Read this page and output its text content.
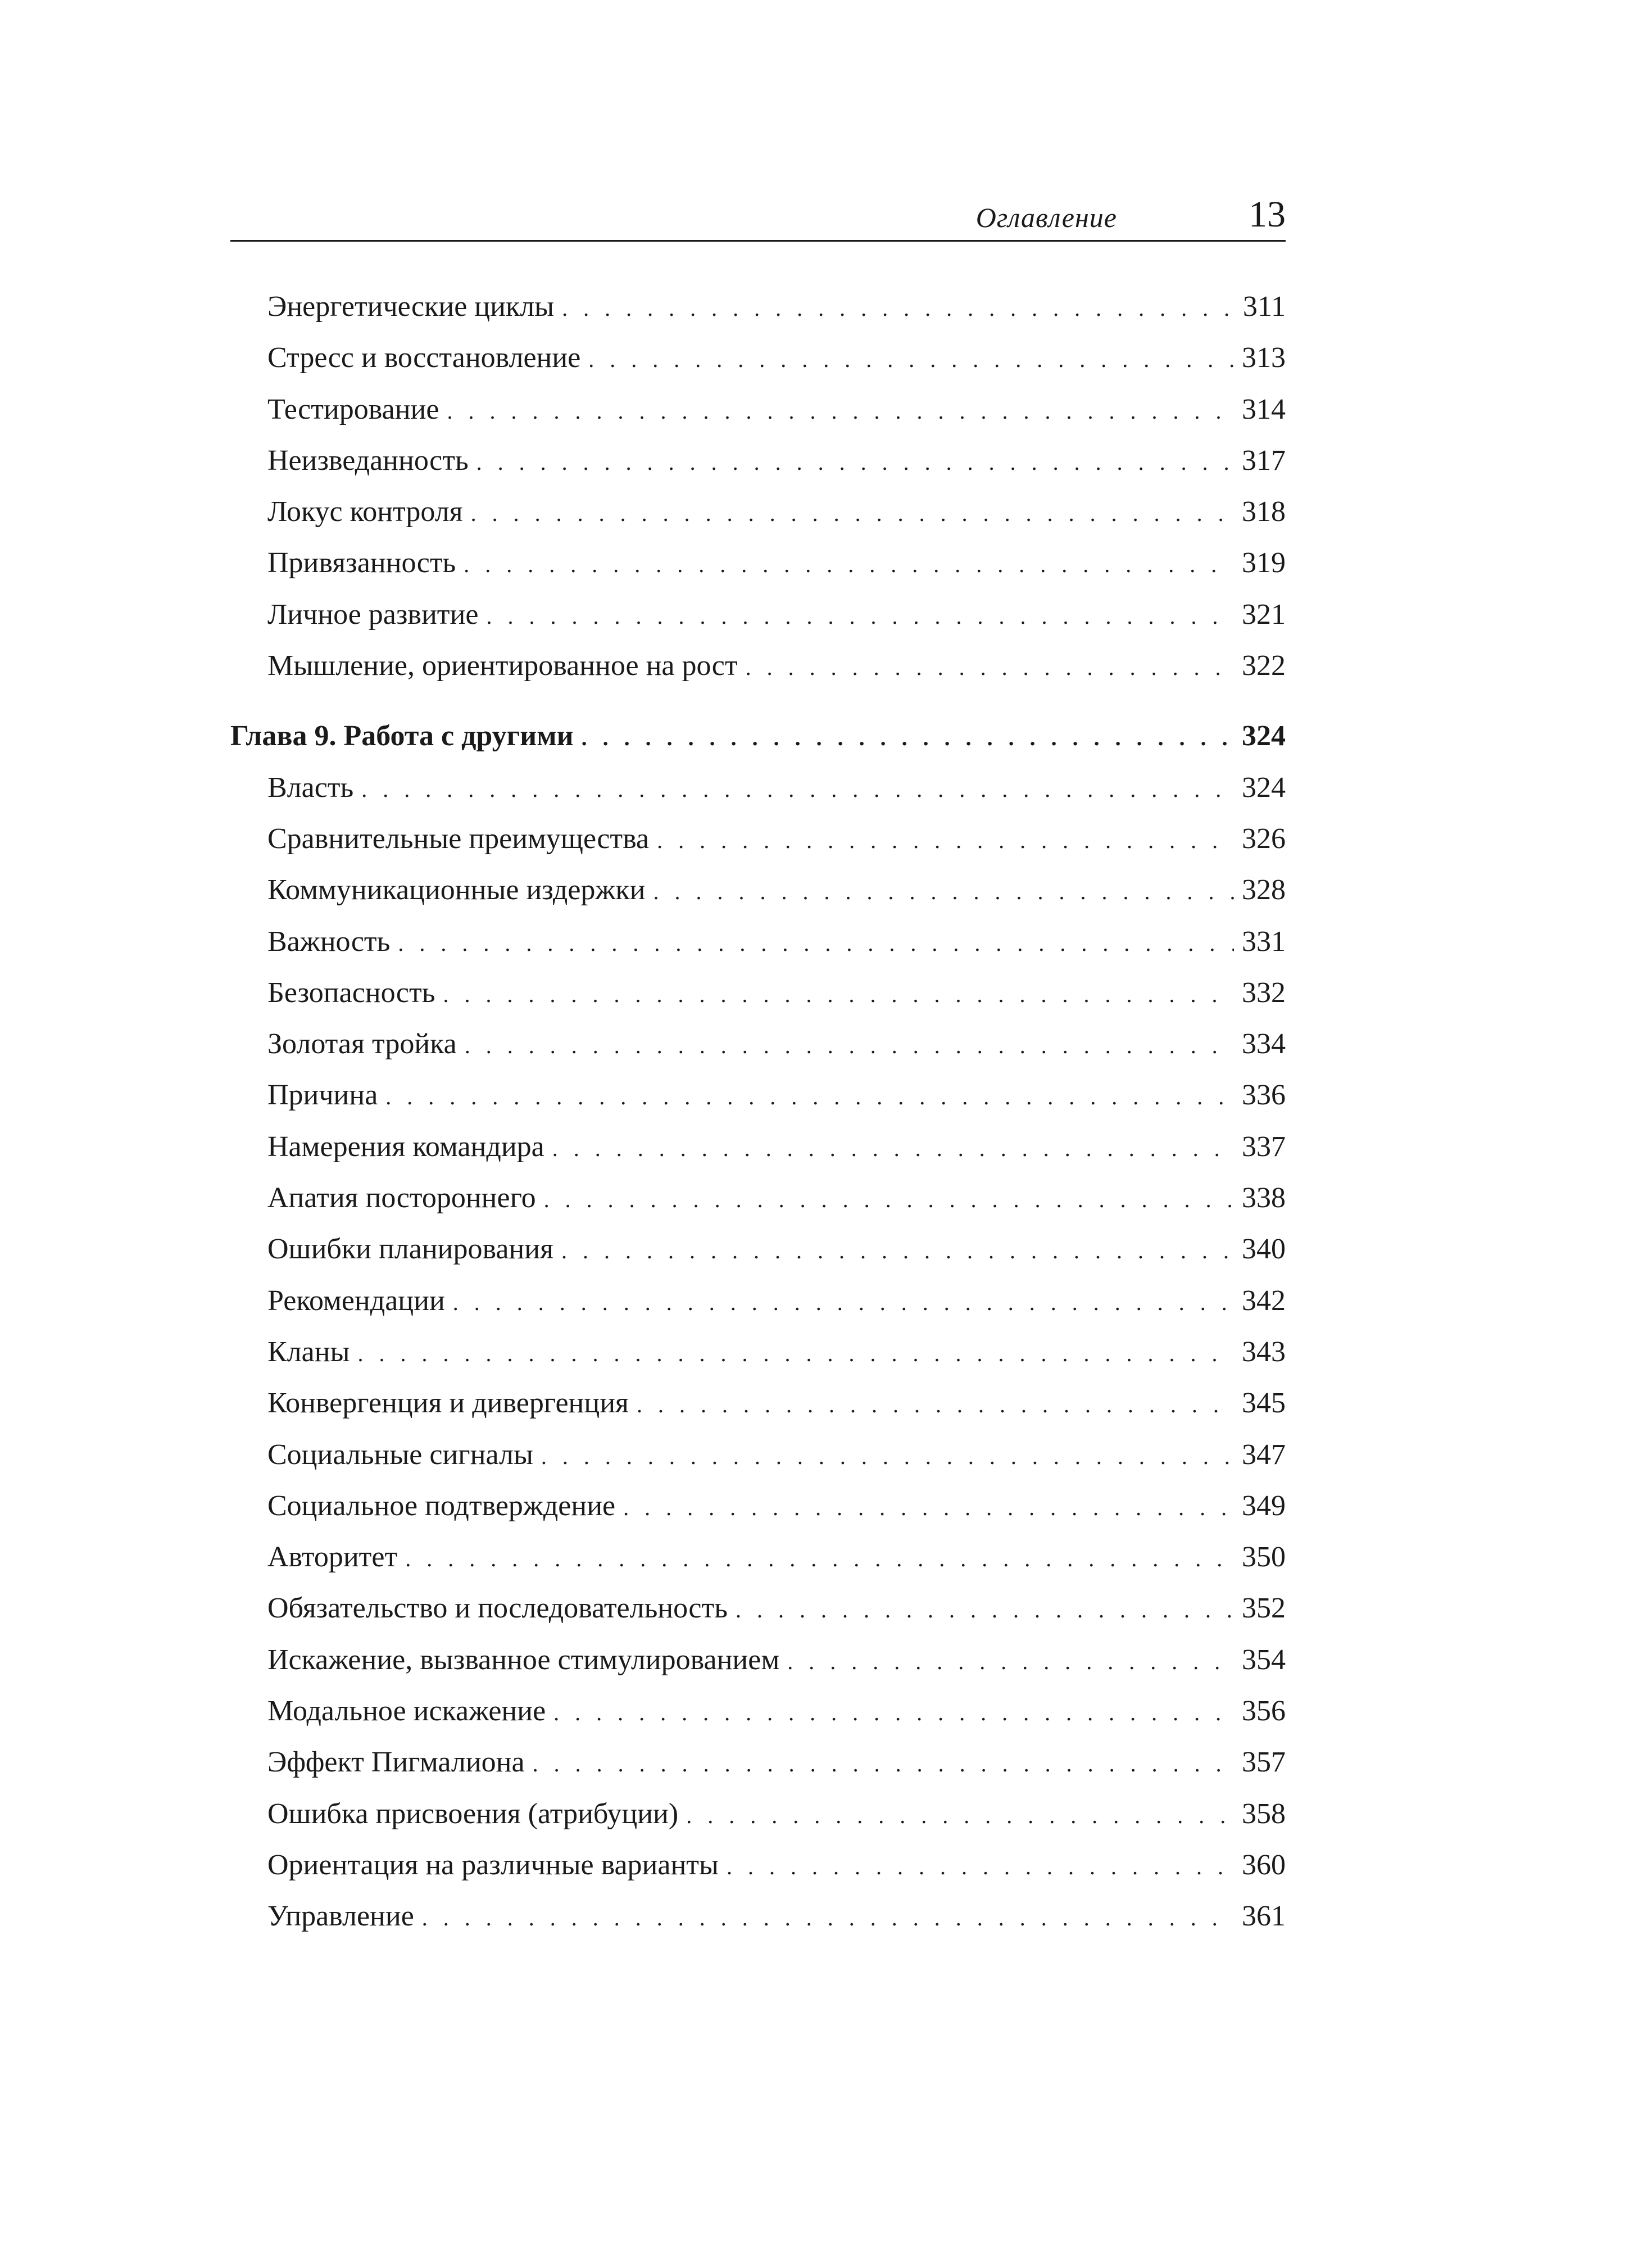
Оглавление	13
Энергетические циклы . . .	311
Стресс и восстановление . . .	313
Тестирование . . .	314
Неизведанность . . .	317
Локус контроля . . .	318
Привязанность . . .	319
Личное развитие . . .	321
Мышление, ориентированное на рост . . .	322
Глава 9. Работа с другими . . .	324
Власть . . .	324
Сравнительные преимущества . . .	326
Коммуникационные издержки . . .	328
Важность . . .	331
Безопасность . . .	332
Золотая тройка . . .	334
Причина . . .	336
Намерения командира . . .	337
Апатия постороннего . . .	338
Ошибки планирования . . .	340
Рекомендации . . .	342
Кланы . . .	343
Конвергенция и дивергенция . . .	345
Социальные сигналы . . .	347
Социальное подтверждение . . .	349
Авторитет . . .	350
Обязательство и последовательность . . .	352
Искажение, вызванное стимулированием . . .	354
Модальное искажение . . .	356
Эффект Пигмалиона . . .	357
Ошибка присвоения (атрибуции) . . .	358
Ориентация на различные варианты . . .	360
Управление . . .	361
